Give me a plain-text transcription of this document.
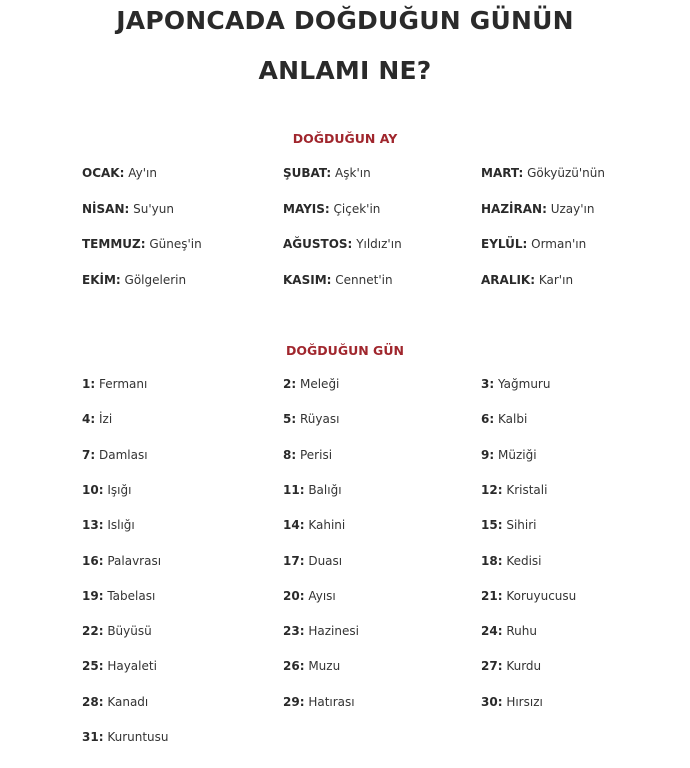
JAPONCADA DOĞDUĞUN GÜNÜN
ANLAMI NE?
DOĞDUĞUN AY
OCAK: Ay'ın	ŞUBAT: Aşk'ın	MART: Gökyüzü'nün
NİSAN: Su'yun	MAYIS: Çiçek'in	HAZİRAN: Uzay'ın
TEMMUZ: Güneş'in	AĞUSTOS: Yıldız'ın	EYLÜL: Orman'ın
EKİM: Gölgelerin	KASIM: Cennet'in	ARALIK: Kar'ın
DOĞDUĞUN GÜN
1: Fermanı	2: Meleği	3: Yağmuru
4: İzi	5: Rüyası	6: Kalbi
7: Damlası	8: Perisi	9: Müziği
10: Işığı	11: Balığı	12: Kristali
13: Islığı	14: Kahini	15: Sihiri
16: Palavrası	17: Duası	18: Kedisi
19: Tabelası	20: Ayısı	21: Koruyucusu
22: Büyüsü	23: Hazinesi	24: Ruhu
25: Hayaleti	26: Muzu	27: Kurdu
28: Kanadı	29: Hatırası	30: Hırsızı
31: Kuruntusu
